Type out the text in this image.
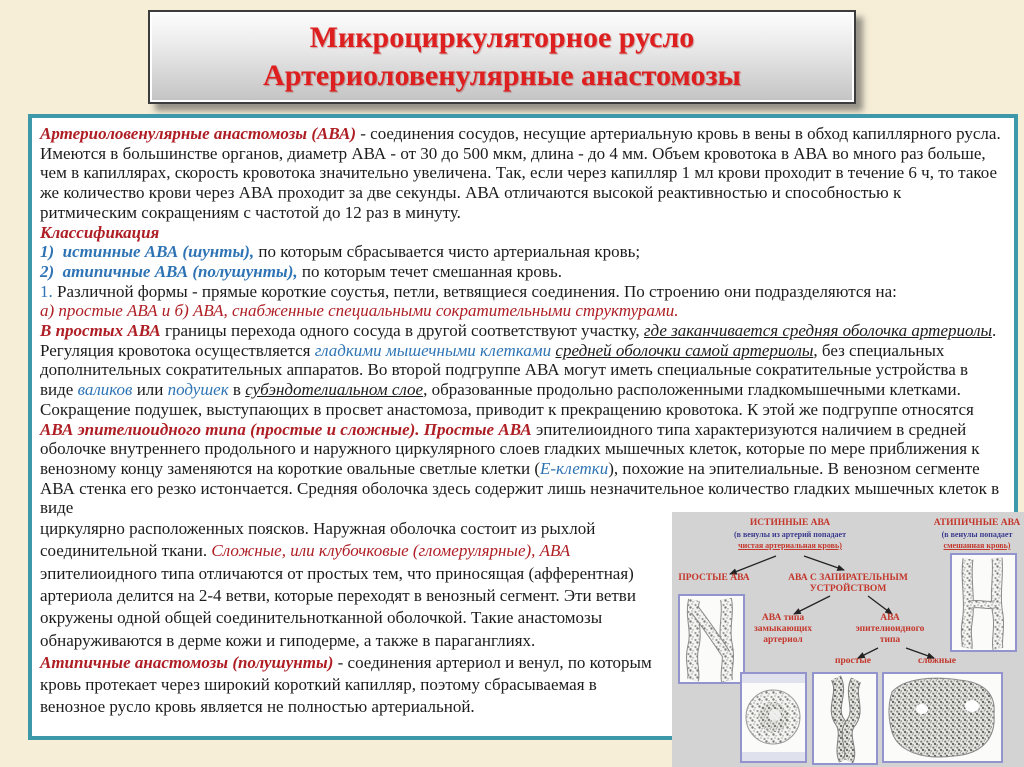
Микроциркуляторное русло
Артериоловенулярные анастомозы

Артериоловенулярные анастомозы (АВА) - соединения сосудов, несущие артериальную кровь в вены в обход капиллярного русла. Имеются в большинстве органов, диаметр АВА - от 30 до 500 мкм, длина - до 4 мм. Объем кровотока в АВА во много раз больше, чем в капиллярах, скорость кровотока значительно увеличена. Так, если через капилляр 1 мл крови проходит в течение 6 ч, то такое же количество крови через АВА проходит за две секунды. АВА отличаются высокой реактивностью и способностью к ритмическим сокращениям с частотой до 12 раз в минуту.

Классификация

1)  истинные АВА (шунты), по которым сбрасывается чисто артериальная кровь;

2)  атипичные АВА (полушунты), по которым течет смешанная кровь.

1. Различной формы - прямые короткие соустья, петли, ветвящиеся соединения. По строению они подразделяются на:

а) простые АВА и б) АВА, снабженные специальными сократительными структурами.

В простых АВА границы перехода одного сосуда в другой соответствуют участку, где заканчивается средняя оболочка артериолы. Регуляция кровотока осуществляется гладкими мышечными клетками средней оболочки самой артериолы, без специальных дополнительных сократительных аппаратов. Во второй подгруппе АВА могут иметь специальные сократительные устройства в виде валиков или подушек в субэндотелиальном слое, образованные продольно расположенными гладкомышечными клетками. Сокращение подушек, выступающих в просвет анастомоза, приводит к прекращению кровотока. К этой же подгруппе относятся АВА эпителиоидного типа (простые и сложные). Простые АВА эпителиоидного типа характеризуются наличием в средней оболочке внутреннего продольного и наружного циркулярного слоев гладких мышечных клеток, которые по мере приближения к венозному концу заменяются на короткие овальные светлые клетки (Е-клетки), похожие на эпителиальные. В венозном сегменте АВА стенка его резко истончается. Средняя оболочка здесь содержит лишь незначительное количество гладких мышечных клеток в виде

циркулярно расположенных поясков. Наружная оболочка состоит из рыхлой соединительной ткани. Сложные, или клубочковые (гломерулярные), АВА эпителиоидного типа отличаются от простых тем, что приносящая (афферентная) артериола делится на 2-4 ветви, которые переходят в венозный сегмент. Эти ветви окружены одной общей соединительнотканной оболочкой. Такие анастомозы обнаруживаются в дерме кожи и гиподерме, а также в параганглиях.

Атипичные анастомозы (полушунты) - соединения артериол и венул, по которым кровь протекает через широкий короткий капилляр, поэтому сбрасываемая в венозное русло кровь является не полностью артериальной.

ИСТИННЫЕ АВА
(в венулы из артерий попадает
чистая артериальная кровь)
АТИПИЧНЫЕ АВА
(в венулы попадает
смешанная кровь)
ПРОСТЫЕ АВА	АВА С ЗАПИРАТЕЛЬНЫМ УСТРОЙСТВОМ
АВА типа замыкающих артериол
АВА эпителиоидного типа
простые	сложные
